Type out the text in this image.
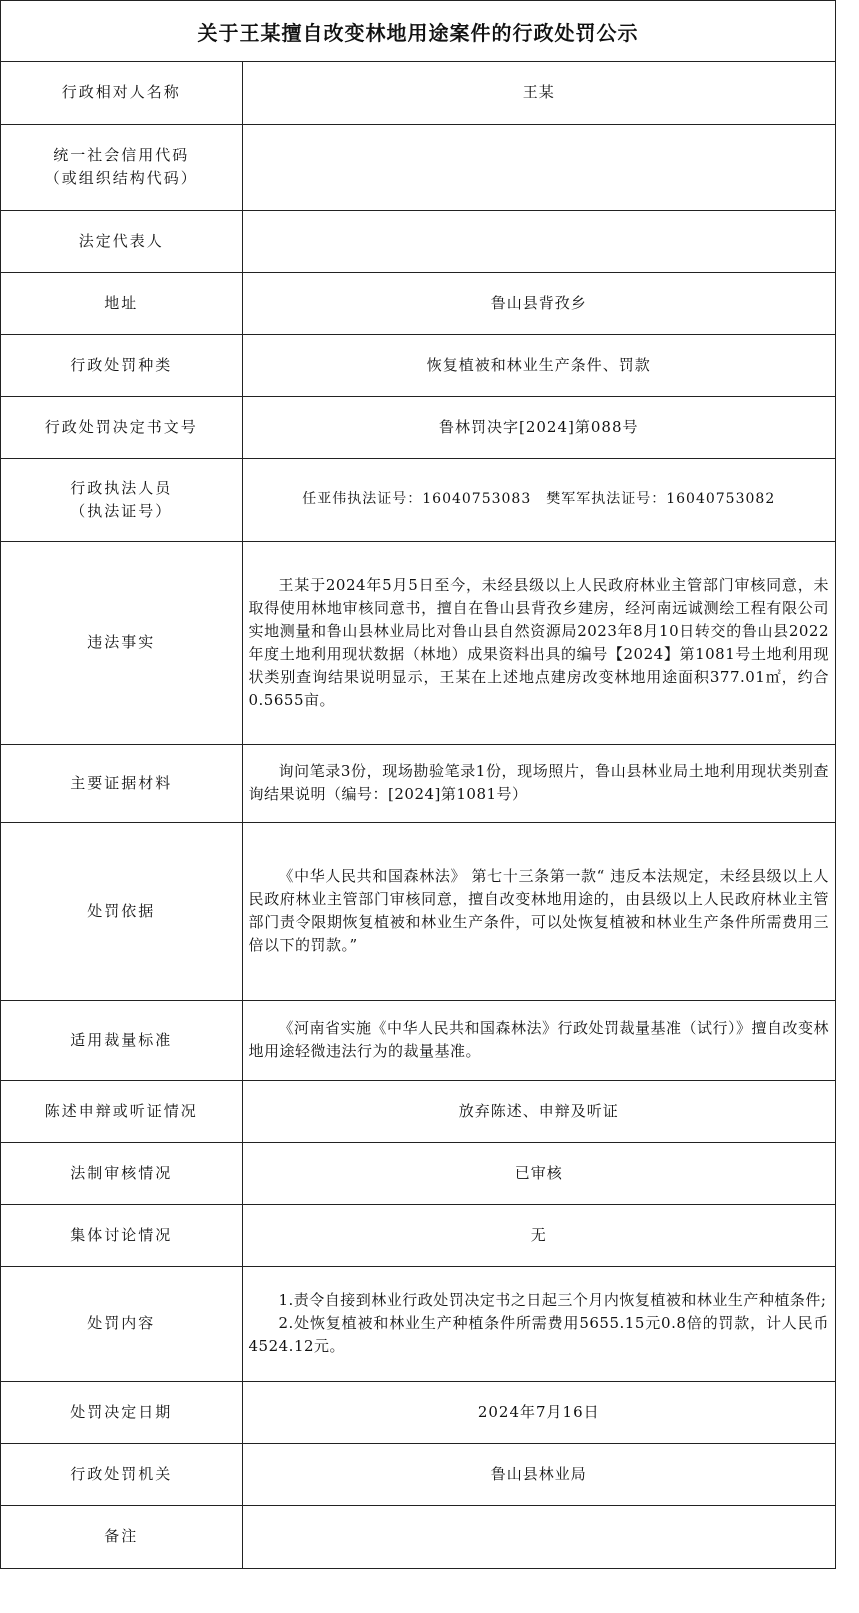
关于王某擅自改变林地用途案件的行政处罚公示
行政相对人名称	王某

统一社会信用代码
（或组织结构代码）	

法定代表人	
地址	鲁山县背孜乡
行政处罚种类	恢复植被和林业生产条件、罚款
行政处罚决定书文号	鲁林罚决字[2024]第088号

行政执法人员
（执法证号）	任亚伟执法证号：16040753083　樊军军执法证号：16040753082
违法事实	王某于2024年5月5日至今，未经县级以上人民政府林业主管部门审核同意，未取得使用林地审核同意书，擅自在鲁山县背孜乡建房，经河南远诚测绘工程有限公司实地测量和鲁山县林业局比对鲁山县自然资源局2023年8月10日转交的鲁山县2022年度土地利用现状数据（林地）成果资料出具的编号【2024】第1081号土地利用现状类别查询结果说明显示，王某在上述地点建房改变林地用途面积377.01㎡，约合0.5655亩。
主要证据材料	询问笔录3份，现场勘验笔录1份，现场照片，鲁山县林业局土地利用现状类别查询结果说明（编号：[2024]第1081号）
处罚依据	《中华人民共和国森林法》 第七十三条第一款“ 违反本法规定，未经县级以上人民政府林业主管部门审核同意，擅自改变林地用途的，由县级以上人民政府林业主管部门责令限期恢复植被和林业生产条件，可以处恢复植被和林业生产条件所需费用三倍以下的罚款。”
适用裁量标准	《河南省实施《中华人民共和国森林法》行政处罚裁量基准（试行）》擅自改变林地用途轻微违法行为的裁量基准。
陈述申辩或听证情况	放弃陈述、申辩及听证
法制审核情况	已审核
集体讨论情况	无
处罚内容	1.责令自接到林业行政处罚决定书之日起三个月内恢复植被和林业生产种植条件;
2.处恢复植被和林业生产种植条件所需费用5655.15元0.8倍的罚款，计人民币4524.12元。

处罚决定日期	2024年7月16日
行政处罚机关	鲁山县林业局
备注	
